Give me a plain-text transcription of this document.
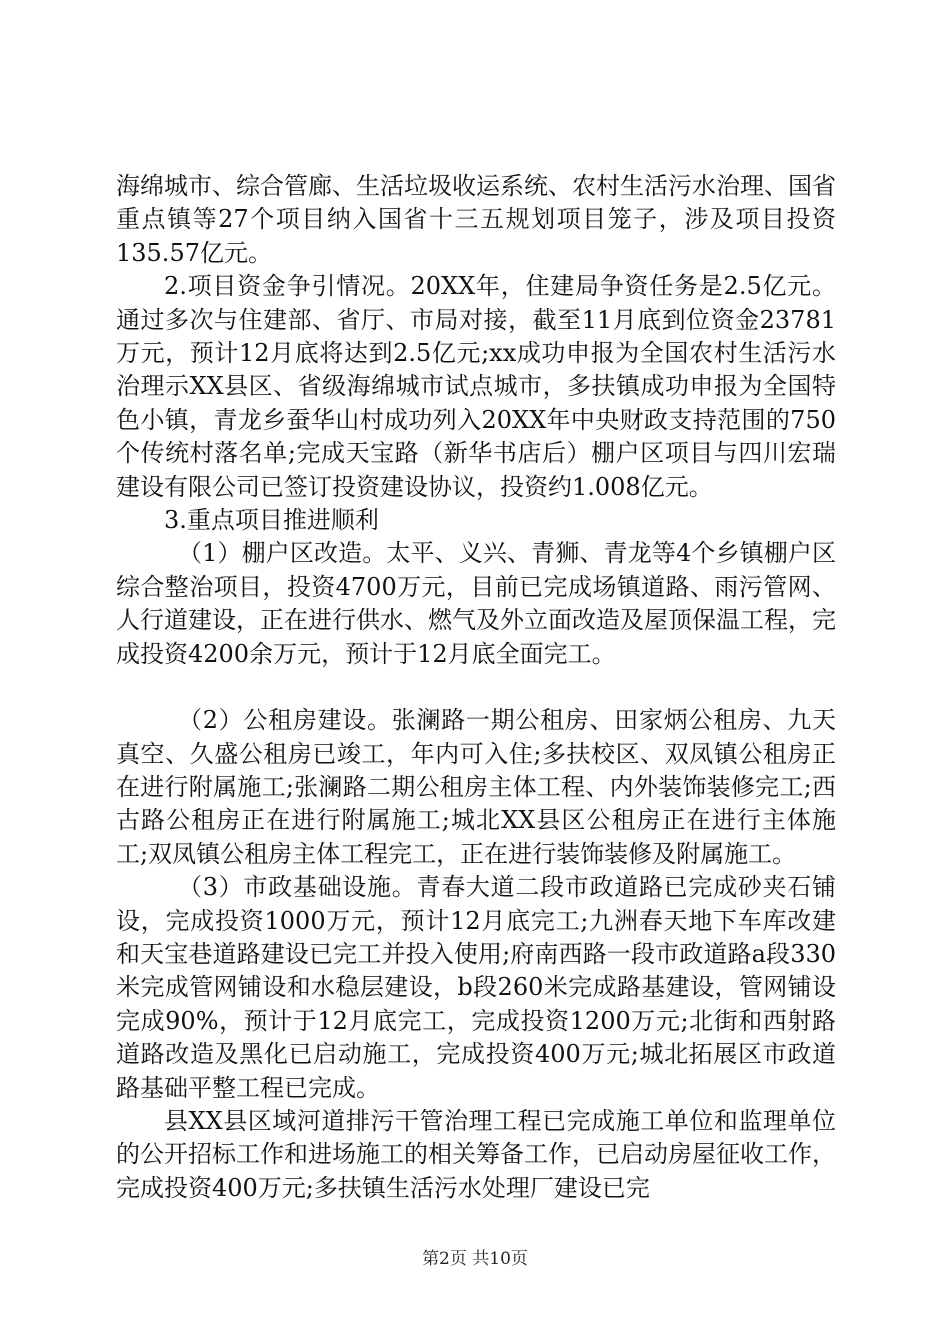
海绵城市、综合管廊、生活垃圾收运系统、农村生活污水治理、国省重点镇等27个项目纳入国省十三五规划项目笼子，涉及项目投资135.57亿元。

2.项目资金争引情况。20XX年，住建局争资任务是2.5亿元。通过多次与住建部、省厅、市局对接，截至11月底到位资金23781万元，预计12月底将达到2.5亿元;xx成功申报为全国农村生活污水治理示XX县区、省级海绵城市试点城市，多扶镇成功申报为全国特色小镇，青龙乡蚕华山村成功列入20XX年中央财政支持范围的750个传统村落名单;完成天宝路（新华书店后）棚户区项目与四川宏瑞建设有限公司已签订投资建设协议，投资约1.008亿元。

3.重点项目推进顺利

（1）棚户区改造。太平、义兴、青狮、青龙等4个乡镇棚户区综合整治项目，投资4700万元，目前已完成场镇道路、雨污管网、人行道建设，正在进行供水、燃气及外立面改造及屋顶保温工程，完成投资4200余万元，预计于12月底全面完工。

（2）公租房建设。张澜路一期公租房、田家炳公租房、九天真空、久盛公租房已竣工，年内可入住;多扶校区、双凤镇公租房正在进行附属施工;张澜路二期公租房主体工程、内外装饰装修完工;西古路公租房正在进行附属施工;城北XX县区公租房正在进行主体施工;双凤镇公租房主体工程完工，正在进行装饰装修及附属施工。

（3）市政基础设施。青春大道二段市政道路已完成砂夹石铺设，完成投资1000万元，预计12月底完工;九洲春天地下车库改建和天宝巷道路建设已完工并投入使用;府南西路一段市政道路a段330米完成管网铺设和水稳层建设，b段260米完成路基建设，管网铺设完成90%，预计于12月底完工，完成投资1200万元;北街和西射路道路改造及黑化已启动施工，完成投资400万元;城北拓展区市政道路基础平整工程已完成。

县XX县区域河道排污干管治理工程已完成施工单位和监理单位的公开招标工作和进场施工的相关筹备工作，已启动房屋征收工作，完成投资400万元;多扶镇生活污水处理厂建设已完

第2页 共10页
